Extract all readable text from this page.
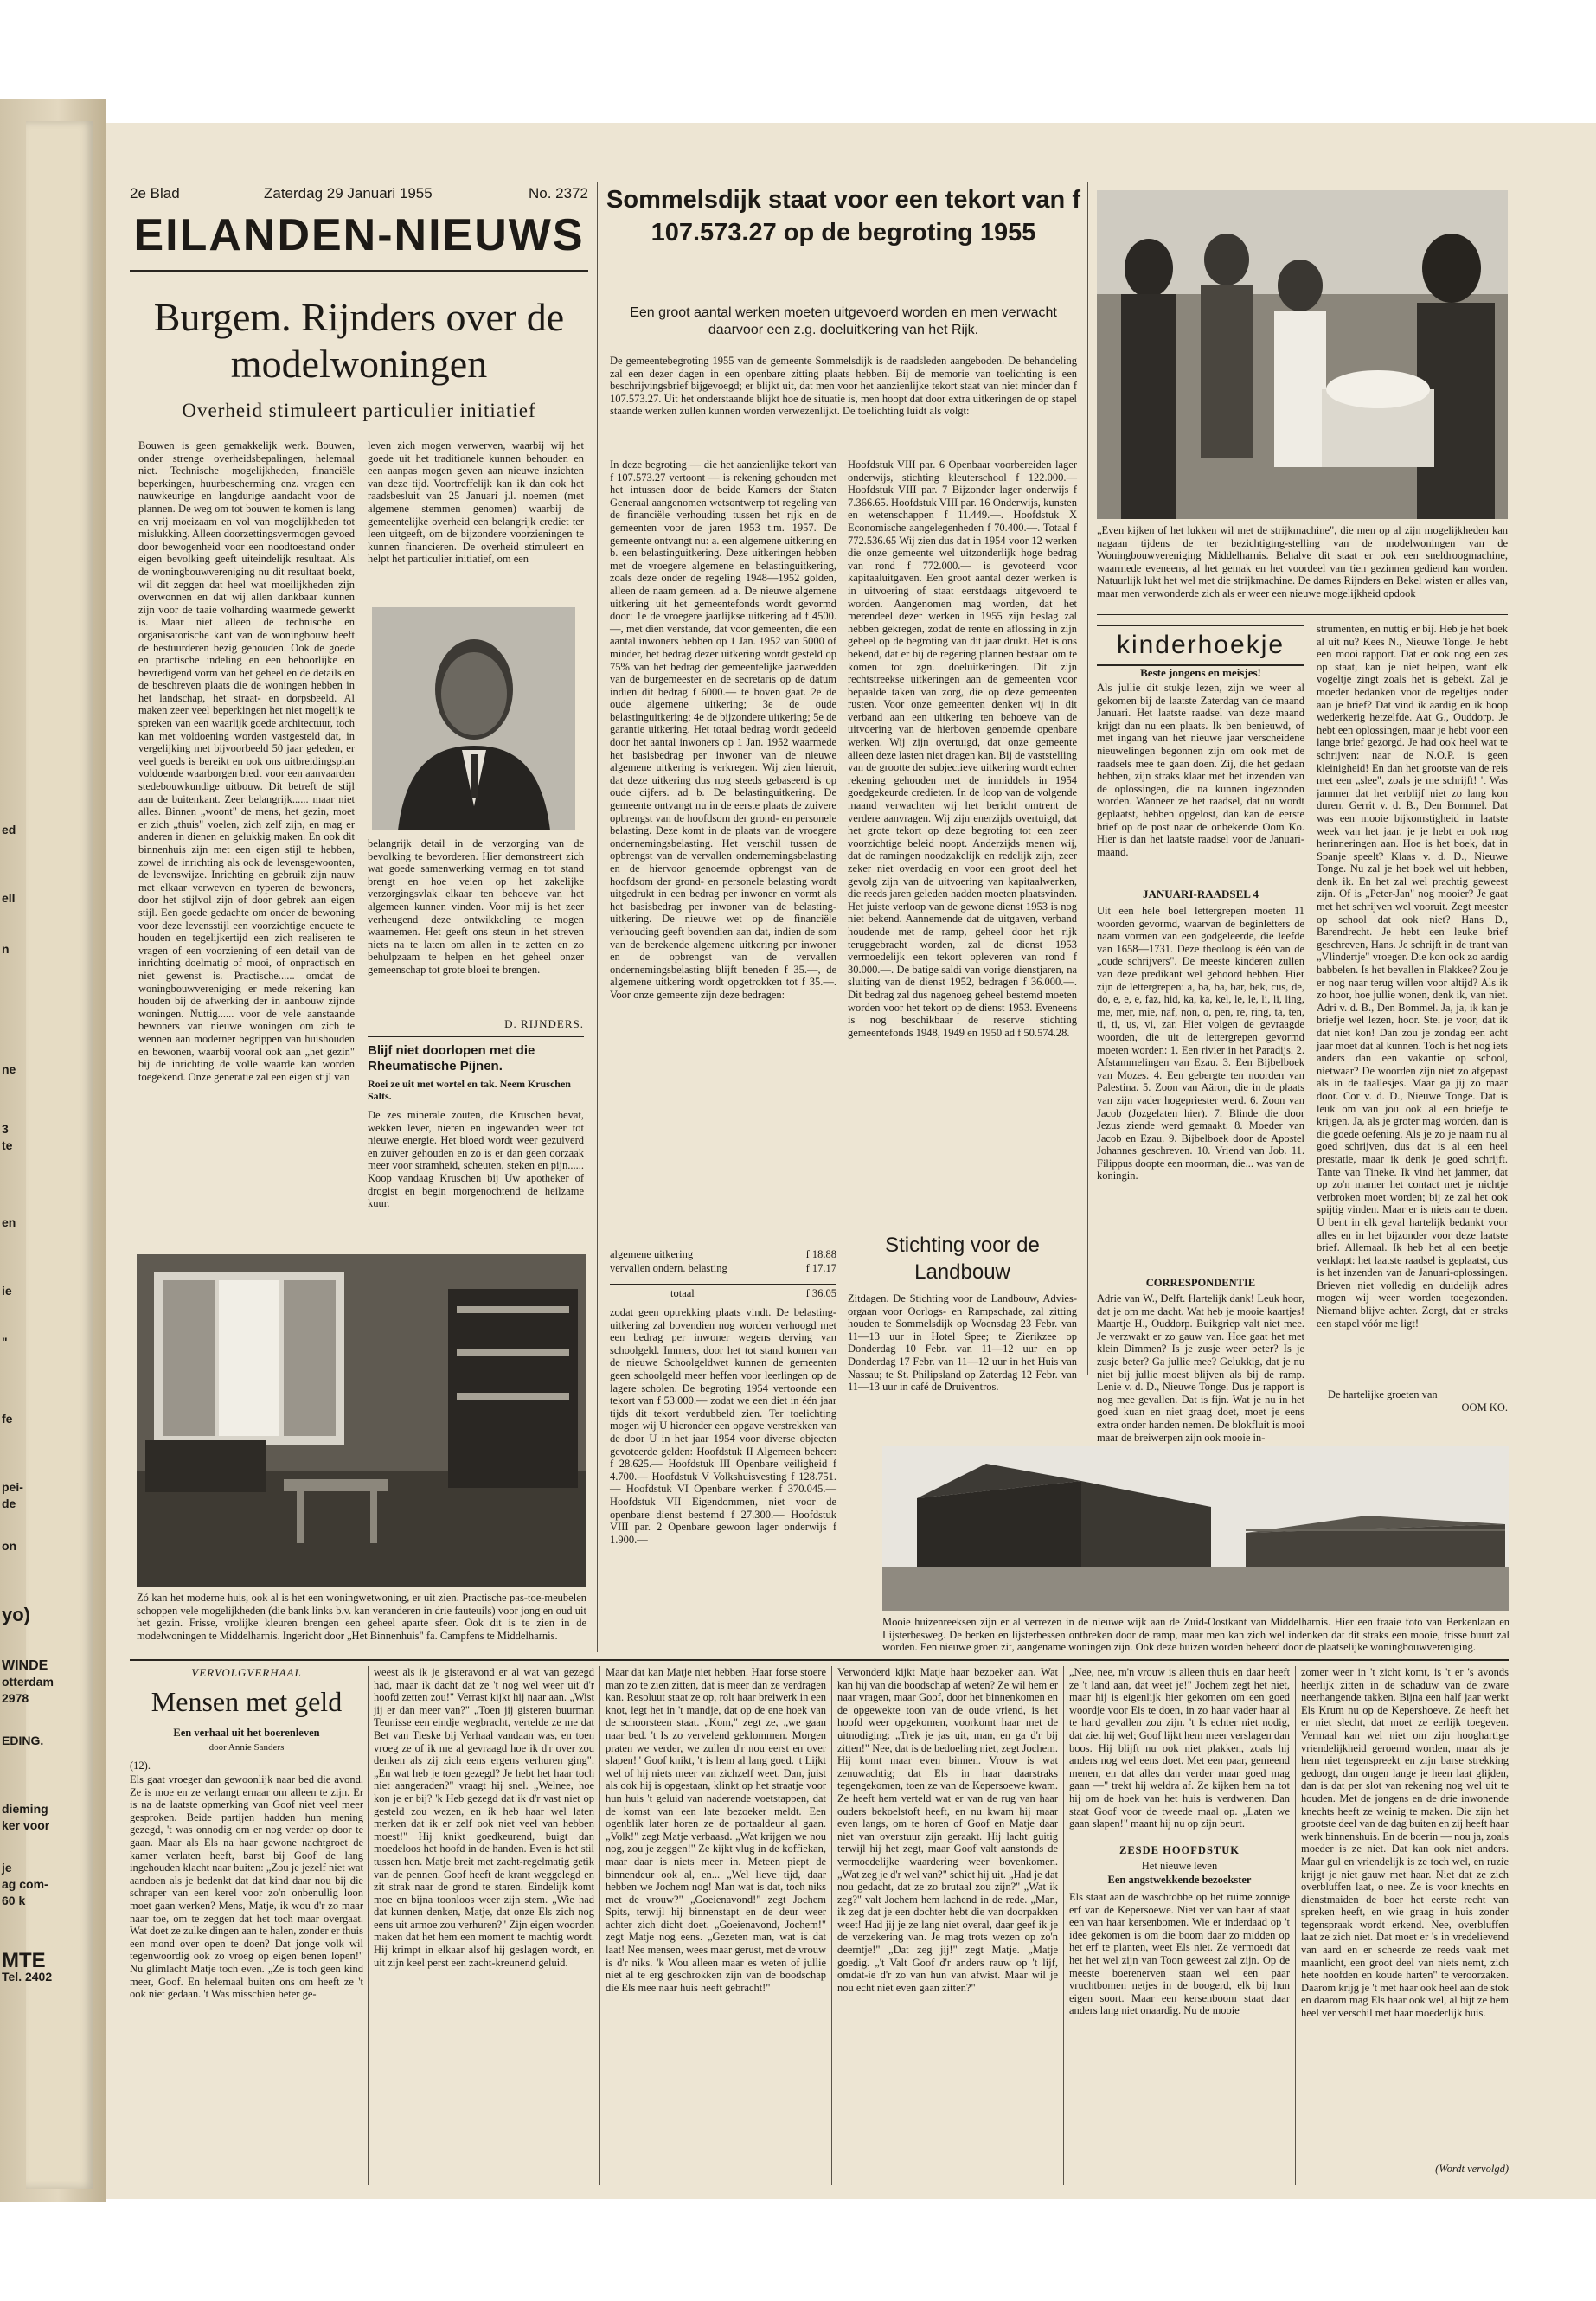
ed
ell
n
ne
3
te
en
ie
"
fe
pei-
de
on
yo)
WINDE
otterdam
2978
EDING.
dieming
ker voor
je
ag com-
60 k
MTE
Tel. 2402
2e Blad	Zaterdag 29 Januari 1955	No. 2372
EILANDEN-NIEUWS
Burgem. Rijnders over de modelwoningen
Overheid stimuleert particulier initiatief
Bouwen is geen gemakkelijk werk. Bouwen, onder strenge overheidsbepalingen, helemaal niet. Technische mogelijkheden, financiële beperkingen, huurbescherming enz. vragen een nauwkeurige en langdurige aandacht voor de plannen. De weg om tot bouwen te komen is lang en vrij moeizaam en vol van mogelijkheden tot mislukking. Alleen doorzettingsvermogen gevoed door bewogenheid voor een noodtoestand onder eigen bevolking geeft uiteindelijk resultaat. Als de woningbouwvereniging nu dit resultaat boekt, wil dit zeggen dat heel wat moeilijkheden zijn overwonnen en dat wij allen dankbaar kunnen zijn voor de taaie volharding waarmede gewerkt is. Maar niet alleen de technische en organisatorische kant van de woningbouw heeft de bestuurderen bezig gehouden. Ook de goede en practische indeling en een behoorlijke en bevredigend vorm van het geheel en de details en de beschreven plaats die de woningen hebben in het landschap, het straat- en dorpsbeeld. Al maken zeer veel beperkingen het niet mogelijk te spreken van een waarlijk goede architectuur, toch kan met voldoening worden vastgesteld dat, in vergelijking met bijvoorbeeld 50 jaar geleden, er veel goeds is bereikt en ook ons uitbreidingsplan voldoende waarborgen biedt voor een aanvaarden stedebouwkundige uitbouw. Dit betreft de stijl aan de buitenkant. Zeer belangrijk...... maar niet alles. Binnen „woont" de mens, het gezin, moet er zich „thuis" voelen, zich zelf zijn, en mag er anderen in dienen en gelukkig maken. En ook dit binnenhuis zijn met een eigen stijl te hebben, zowel de inrichting als ook de levensgewoonten, de levenswijze. Inrichting en gebruik zijn nauw met elkaar verweven en typeren de bewoners, door het stijlvol zijn of door gebrek aan eigen stijl. Een goede gedachte om onder de bewoning voor deze levensstijl een voorzichtige enquete te houden en tegelijkertijd een zich realiseren te vragen of een voorziening of een detail van de inrichting doelmatig of mooi, of onpractisch en niet gewenst is. Practische...... omdat de woningbouwvereniging er mede rekening kan houden bij de afwerking der in aanbouw zijnde woningen. Nuttig...... voor de vele aanstaande bewoners van nieuwe woningen om zich te wennen aan moderner begrippen van huishouden en bewonen, waarbij vooral ook aan „het gezin" bij de inrichting de volle waarde kan worden toegekend. Onze generatie zal een eigen stijl van
leven zich mogen verwerven, waarbij wij het goede uit het traditionele kunnen behouden en een aanpas mogen geven aan nieuwe inzichten van deze tijd. Voortreffelijk kan ik dan ook het raadsbesluit van 25 Januari j.l. noemen (met algemene stemmen genomen) waarbij de gemeentelijke overheid een belangrijk crediet ter leen uitgeeft, om de bijzondere voorzieningen te kunnen financieren. De overheid stimuleert en helpt het particulier initiatief, om een
belangrijk detail in de verzorging van de bevolking te bevorderen. Hier demonstreert zich wat goede samenwerking vermag en tot stand brengt en hoe veien op het zakelijke verzorgingsvlak elkaar ten behoeve van het algemeen kunnen vinden. Voor mij is het zeer verheugend deze ontwikkeling te mogen waarnemen. Het geeft ons steun in het streven niets na te laten om allen in te zetten en zo behulpzaam te helpen en het geheel onzer gemeenschap tot grote bloei te brengen.
D. RIJNDERS.
Blijf niet doorlopen met die Rheumatische Pijnen.
Roei ze uit met wortel en tak. Neem Kruschen Salts.
De zes minerale zouten, die Kruschen bevat, wekken lever, nieren en ingewanden weer tot nieuwe energie. Het bloed wordt weer gezuiverd en zuiver gehouden en zo is er dan geen oorzaak meer voor stramheid, scheuten, steken en pijn...... Koop vandaag Kruschen bij Uw apotheker of drogist en begin morgenochtend de heilzame kuur.
Zó kan het moderne huis, ook al is het een woningwetwoning, er uit zien. Practische pas-toe-meubelen schoppen vele mogelijkheden (die bank links b.v. kan veranderen in drie fauteuils) voor jong en oud uit het gezin. Frisse, vrolijke kleuren brengen een geheel aparte sfeer. Ook dit is te zien in de modelwoningen te Middelharnis. Ingericht door „Het Binnenhuis" fa. Campfens te Middelharnis.
Sommelsdijk staat voor een tekort van f 107.573.27 op de begroting 1955
Een groot aantal werken moeten uitgevoerd worden en men verwacht daarvoor een z.g. doeluitkering van het Rijk.
De gemeentebegroting 1955 van de gemeente Sommelsdijk is de raadsleden aangeboden. De behandeling zal een dezer dagen in een openbare zitting plaats hebben. Bij de memorie van toelichting is een beschrijvingsbrief bijgevoegd; er blijkt uit, dat men voor het aanzienlijke tekort staat van niet minder dan f 107.573.27. Uit het onderstaande blijkt hoe de situatie is, men hoopt dat door extra uitkeringen de op stapel staande werken zullen kunnen worden verwezenlijkt. De toelichting luidt als volgt:
In deze begroting — die het aanzienlijke tekort van f 107.573.27 vertoont — is rekening gehouden met het intussen door de beide Kamers der Staten Generaal aangenomen wetsontwerp tot regeling van de financiële verhouding tussen het rijk en de gemeenten voor de jaren 1953 t.m. 1957. De gemeente ontvangt nu: a. een algemene uitkering en b. een belastinguitkering. Deze uitkeringen hebben met de vroegere algemene en belastinguitkering, zoals deze onder de regeling 1948—1952 golden, alleen de naam gemeen. ad a. De nieuwe algemene uitkering uit het gemeentefonds wordt gevormd door: 1e de vroegere jaarlijkse uitkering ad f 4500.—, met dien verstande, dat voor gemeenten, die een aantal inwoners hebben op 1 Jan. 1952 van 5000 of minder, het bedrag dezer uitkering wordt gesteld op 75% van het bedrag der gemeentelijke jaarwedden van de burgemeester en de secretaris op de datum indien dit bedrag f 6000.— te boven gaat. 2e de oude algemene uitkering; 3e de oude belastinguitkering; 4e de bijzondere uitkering; 5e de garantie uitkering. Het totaal bedrag wordt gedeeld door het aantal inwoners op 1 Jan. 1952 waarmede het basisbedrag per inwoner van de nieuwe algemene uitkering is verkregen. Wij zien hieruit, dat deze uitkering dus nog steeds gebaseerd is op oude cijfers. ad b. De belastinguitkering. De gemeente ontvangt nu in de eerste plaats de zuivere opbrengst van de hoofdsom der grond- en personele belasting. Deze komt in de plaats van de vroegere ondernemingsbelasting. Het verschil tussen de opbrengst van de vervallen ondernemingsbelasting en de hiervoor genoemde opbrengst van de hoofdsom der grond- en personele belasting wordt uitgedrukt in een bedrag per inwoner en vormt als het basisbedrag per inwoner van de belasting-uitkering. De nieuwe wet op de financiële verhouding geeft bovendien aan dat, indien de som van de berekende algemene uitkering per inwoner en de opbrengst van de vervallen ondernemingsbelasting blijft beneden f 35.—, de algemene uitkering wordt opgetrokken tot f 35.—. Voor onze gemeente zijn deze bedragen:
algemene uitkering	f 18.88
vervallen ondern. belasting	f 17.17
totaal	f 36.05
zodat geen optrekking plaats vindt. De belasting-uitkering zal bovendien nog worden verhoogd met een bedrag per inwoner wegens derving van schoolgeld. Immers, door het tot stand komen van de nieuwe Schoolgeldwet kunnen de gemeenten geen schoolgeld meer heffen voor leerlingen op de lagere scholen. De begroting 1954 vertoonde een tekort van f 53.000.— zodat we een diet in één jaar tijds dit tekort verdubbeld zien. Ter toelichting mogen wij U hieronder een opgave verstrekken van de door U in het jaar 1954 voor diverse objecten gevoteerde gelden: Hoofdstuk II Algemeen beheer: f 28.625.— Hoofdstuk III Openbare veiligheid f 4.700.— Hoofdstuk V Volkshuisvesting f 128.751.— Hoofdstuk VI Openbare werken f 370.045.— Hoofdstuk VII Eigendommen, niet voor de openbare dienst bestemd f 27.300.— Hoofdstuk VIII par. 2 Openbare gewoon lager onderwijs f 1.900.—
Hoofdstuk VIII par. 6 Openbaar voorbereiden lager onderwijs, stichting kleuterschool f 122.000.— Hoofdstuk VIII par. 7 Bijzonder lager onderwijs f 7.366.65. Hoofdstuk VIII par. 16 Onderwijs, kunsten en wetenschappen f 11.449.—. Hoofdstuk X Economische aangelegenheden f 70.400.—. Totaal f 772.536.65 Wij zien dus dat in 1954 voor 12 werken die onze gemeente wel uitzonderlijk hoge bedrag van rond f 772.000.— is gevoteerd voor kapitaaluitgaven. Een groot aantal dezer werken is in uitvoering of staat eerstdaags uitgevoerd te worden. Aangenomen mag worden, dat het merendeel dezer werken in 1955 zijn beslag zal hebben gekregen, zodat de rente en aflossing in zijn geheel op de begroting van dit jaar drukt. Het is ons bekend, dat er bij de regering plannen bestaan om te komen tot zgn. doeluitkeringen. Dit zijn rechtstreekse uitkeringen aan de gemeenten voor bepaalde taken van zorg, die op deze gemeenten rusten. Voor onze gemeenten denken wij in dit verband aan een uitkering ten behoeve van de uitvoering van de hierboven genoemde openbare werken. Wij zijn overtuigd, dat onze gemeente alleen deze lasten niet dragen kan. Bij de vaststelling van de grootte der subjectieve uitkering wordt echter rekening gehouden met de inmiddels in 1954 goedgekeurde credieten. In de loop van de volgende maand verwachten wij het bericht omtrent de verdere aanvragen. Wij zijn enerzijds overtuigd, dat het grote tekort op deze begroting tot een zeer voorzichtige beleid noopt. Anderzijds menen wij, dat de ramingen noodzakelijk en redelijk zijn, zeer zeker niet overdadig en voor een groot deel het gevolg zijn van de uitvoering van kapitaalwerken, die reeds jaren geleden hadden moeten plaatsvinden. Het juiste verloop van de gewone dienst 1953 is nog niet bekend. Aannemende dat de uitgaven, verband houdende met de ramp, geheel door het rijk teruggebracht worden, zal de dienst 1953 vermoedelijk een tekort opleveren van rond f 30.000.—. De batige saldi van vorige dienstjaren, na sluiting van de dienst 1952, bedragen f 36.000.—. Dit bedrag zal dus nagenoeg geheel bestemd moeten worden voor het tekort op de dienst 1953. Eveneens is nog beschikbaar de reserve stichting gemeentefonds 1948, 1949 en 1950 ad f 50.574.28.
Stichting voor de Landbouw
Zitdagen. De Stichting voor de Landbouw, Advies-orgaan voor Oorlogs- en Rampschade, zal zitting houden te Sommelsdijk op Woensdag 23 Febr. van 11—13 uur in Hotel Spee; te Zierikzee op Donderdag 10 Febr. van 11—12 uur en op Donderdag 17 Febr. van 11—12 uur in het Huis van Nassau; te St. Philipsland op Zaterdag 12 Febr. van 11—13 uur in café de Druiventros.
„Even kijken of het lukken wil met de strijkmachine", die men op al zijn mogelijkheden kan nagaan tijdens de ter bezichtiging-stelling van de modelwoningen van de Woningbouwvereniging Middelharnis. Behalve dit staat er ook een sneldroogmachine, waarmede eveneens, al het gemak en het voordeel van tien gezinnen gediend kan worden. Natuurlijk lukt het wel met die strijkmachine. De dames Rijnders en Bekel wisten er alles van, maar men verwonderde zich als er weer een nieuwe mogelijkheid opdook
kinderhoekje
Beste jongens en meisjes!
Als jullie dit stukje lezen, zijn we weer al gekomen bij de laatste Zaterdag van de maand Januari. Het laatste raadsel van deze maand krijgt dan nu een plaats. Ik ben benieuwd, of met ingang van het nieuwe jaar verscheidene nieuwelingen begonnen zijn om ook met de raadsels mee te gaan doen. Zij, die het gedaan hebben, zijn straks klaar met het inzenden van de oplossingen, die na kunnen ingezonden worden. Wanneer ze het raadsel, dat nu wordt geplaatst, hebben opgelost, dan kan de eerste brief op de post naar de onbekende Oom Ko. Hier is dan het laatste raadsel voor de Januari-maand.
JANUARI-RAADSEL 4
Uit een hele boel lettergrepen moeten 11 woorden gevormd, waarvan de beginletters de naam vormen van een godgeleerde, die leefde van 1658—1731. Deze theoloog is één van de „oude schrijvers". De meeste kinderen zullen van deze predikant wel gehoord hebben. Hier zijn de lettergrepen: a, ba, ba, bar, bek, cus, de, do, e, e, e, faz, hid, ka, ka, kel, le, le, li, li, ling, me, mer, mie, naf, non, o, pen, re, ring, ta, ten, ti, ti, us, vi, zar. Hier volgen de gevraagde woorden, die uit de lettergrepen gevormd moeten worden: 1. Een rivier in het Paradijs. 2. Afstammelingen van Ezau. 3. Een Bijbelboek van Mozes. 4. Een gebergte ten noorden van Palestina. 5. Zoon van Aäron, die in de plaats van zijn vader hogepriester werd. 6. Zoon van Jacob (Jozgelaten hier). 7. Blinde die door Jezus ziende werd gemaakt. 8. Moeder van Jacob en Ezau. 9. Bijbelboek door de Apostel Johannes geschreven. 10. Vriend van Job. 11. Filippus doopte een moorman, die... was van de koningin.
CORRESPONDENTIE
Adrie van W., Delft. Hartelijk dank! Leuk hoor, dat je om me dacht. Wat heb je mooie kaartjes! Maartje H., Ouddorp. Buikgriep valt niet mee. Je verzwakt er zo gauw van. Hoe gaat het met klein Dimmen? Is je zusje weer beter? Is je zusje beter? Ga jullie mee? Gelukkig, dat je nu niet bij jullie moest blijven als bij de ramp. Lenie v. d. D., Nieuwe Tonge. Dus je rapport is nog mee gevallen. Dat is fijn. Wat je nu in het goed kuan en niet graag doet, moet je eens extra onder handen nemen. De blokfluit is mooi maar de breiwerpen zijn ook mooie in-
strumenten, en nuttig er bij. Heb je het boek al uit nu? Kees N., Nieuwe Tonge. Je hebt een mooi rapport. Dat er ook nog een zes op staat, kan je niet helpen, want elk vogeltje zingt zoals het is gebekt. Zal je moeder bedanken voor de regeltjes onder aan je brief? Dat vind ik aardig en ik hoop wederkerig hetzelfde. Aat G., Ouddorp. Je hebt een oplossingen, maar je hebt voor een lange brief gezorgd. Je had ook heel wat te schrijven: naar de N.O.P. is geen kleinigheid! En dan het grootste van de reis met een „slee", zoals je me schrijft! 't Was jammer dat het verblijf niet zo lang kon duren. Gerrit v. d. B., Den Bommel. Dat was een mooie bijkomstigheid in laatste week van het jaar, je je hebt er ook nog herinneringen aan. Hoe is het boek, dat in Spanje speelt? Klaas v. d. D., Nieuwe Tonge. Nu zal je het boek wel uit hebben, denk ik. En het zal wel prachtig geweest zijn. Of is „Peter-Jan" nog mooier? Je gaat met het schrijven wel vooruit. Zegt meester op school dat ook niet? Hans D., Barendrecht. Je hebt een leuke brief geschreven, Hans. Je schrijft in de trant van „Vlindertje" vroeger. Die kon ook zo aardig babbelen. Is het bevallen in Flakkee? Zou je er nog naar terug willen voor altijd? Als ik zo hoor, hoe jullie wonen, denk ik, van niet. Adri v. d. B., Den Bommel. Ja, ja, ik kan je briefje wel lezen, hoor. Stel je voor, dat ik dat niet kon! Dan zou je zondag een acht jaar moet dat al kunnen. Toch is het nog iets anders dan een vakantie op school, nietwaar? De woorden zijn niet zo afgepast als in de taallesjes. Maar ga jij zo maar door. Cor v. d. D., Nieuwe Tonge. Dat is leuk om van jou ook al een briefje te krijgen. Ja, als je groter mag worden, dan is die goede oefening. Als je zo je naam nu al goed schrijven, dus dat is al een heel prestatie, maar ik denk je goed schrijft. Tante van Tineke. Ik vind het jammer, dat op zo'n manier het contact met je nichtje verbroken moet worden; bij ze zal het ook spijtig vinden. Maar er is niets aan te doen. U bent in elk geval hartelijk bedankt voor alles en in het bijzonder voor deze laatste brief. Allemaal. Ik heb het al een beetje verklapt: het laatste raadsel is geplaatst, dus is het inzenden van de Januari-oplossingen. Brieven niet volledig en duidelijk adres mogen wij weer worden toegezonden. Niemand blijve achter. Zorgt, dat er straks een stapel vóór me ligt!
De hartelijke groeten van
OOM KO.
Mooie huizenreeksen zijn er al verrezen in de nieuwe wijk aan de Zuid-Oostkant van Middelharnis. Hier een fraaie foto van Berkenlaan en Lijsterbesweg. De berken en lijsterbessen ontbreken door de ramp, maar men kan zich wel indenken dat dit straks een mooie, frisse buurt zal worden. Een nieuwe groen zit, aangename woningen zijn. Ook deze huizen worden beheerd door de plaatselijke woningbouwvereniging.
VERVOLGVERHAAL
Mensen met geld
Een verhaal uit het boerenleven
door Annie Sanders
(12).
Els gaat vroeger dan gewoonlijk naar bed die avond. Ze is moe en ze verlangt ernaar om alleen te zijn. Er is na de laatste opmerking van Goof niet veel meer gesproken. Beide partijen hadden hun mening gezegd, 't was onnodig om er nog verder op door te gaan. Maar als Els na haar gewone nachtgroet de kamer verlaten heeft, barst bij Goof de lang ingehouden klacht naar buiten: „Zou je jezelf niet wat aandoen als je bedenkt dat dat kind daar nou bij die schraper van een kerel voor zo'n onbenullig loon moet gaan werken? Mens, Matje, ik wou d'r zo maar naar toe, om te zeggen dat het toch maar overgaat. Wat doet ze zulke dingen aan te halen, zonder er thuis een mond over open te doen? Dat jonge volk wil tegenwoordig ook zo vroeg op eigen benen lopen!" Nu glimlacht Matje toch even. „Ze is toch geen kind meer, Goof. En helemaal buiten ons om heeft ze 't ook niet gedaan. 't Was misschien beter ge-
weest als ik je gisteravond er al wat van gezegd had, maar ik dacht dat ze 't nog wel weer uit d'r hoofd zetten zou!" Verrast kijkt hij naar aan. „Wist jij er dan meer van?" „Toen jij gisteren buurman Teunisse een eindje wegbracht, vertelde ze me dat Bet van Tieske bij Verhaal vandaan was, en toen vroeg ze of ik me al gevraagd hoe ik d'r over zou denken als zij zich eens ergens verhuren ging". „En wat heb je toen gezegd? Je hebt het haar toch niet aangeraden?" vraagt hij snel. „Welnee, hoe kon je er bij? 'k Heb gezegd dat ik d'r vast niet op gesteld zou wezen, en ik heb haar wel laten merken dat ik er zelf ook niet veel van hebben moest!" Hij knikt goedkeurend, buigt dan moedeloos het hoofd in de handen. Even is het stil tussen hen. Matje breit met zacht-regelmatig getik van de pennen. Goof heeft de krant weggelegd en zit strak naar de grond te staren. Eindelijk komt moe en bijna toonloos weer zijn stem. „Wie had dat kunnen denken, Matje, dat onze Els zich nog eens uit armoe zou verhuren?" Zijn eigen woorden maken dat het hem een moment te machtig wordt. Hij krimpt in elkaar alsof hij geslagen wordt, en uit zijn keel perst een zacht-kreunend geluid.
Maar dat kan Matje niet hebben. Haar forse stoere man zo te zien zitten, dat is meer dan ze verdragen kan. Resoluut staat ze op, rolt haar breiwerk in een knot, legt het in 't mandje, dat op de ene hoek van de schoorsteen staat. „Kom," zegt ze, „we gaan naar bed. 't Is zo vervelend geklommen. Morgen praten we verder, we zullen d'r nou eerst en over slapen!" Goof knikt, 't is hem al lang goed. 't Lijkt wel of hij niets meer van zichzelf weet. Dan, juist als ook hij is opgestaan, klinkt op het straatje voor hun huis 't geluid van naderende voetstappen, dat de komst van een late bezoeker meldt. Een ogenblik later horen ze de portaaldeur al gaan. „Volk!" zegt Matje verbaasd. „Wat krijgen we nou nog, zou je zeggen!" Ze kijkt vlug in de koffiekan, maar daar is niets meer in. Meteen piept de binnendeur ook al, en... „Wel lieve tijd, daar hebben we Jochem nog! Man wat is dat, toch niks met de vrouw?" „Goeienavond!" zegt Jochem Spits, terwijl hij binnenstapt en de deur weer achter zich dicht doet. „Goeienavond, Jochem!" zegt Matje nog eens. „Gezeten man, wat is dat laat! Nee mensen, wees maar gerust, met de vrouw is d'r niks. 'k Wou alleen maar es weten of jullie niet al te erg geschrokken zijn van de boodschap die Els mee naar huis heeft gebracht!"
Verwonderd kijkt Matje haar bezoeker aan. Wat kan hij van die boodschap af weten? Ze wil hem er naar vragen, maar Goof, door het binnenkomen en de opgewekte toon van de oude vriend, is het hoofd weer opgekomen, voorkomt haar met de uitnodiging: „Trek je jas uit, man, en ga d'r bij zitten!" Nee, dat is de bedoeling niet, zegt Jochem. Hij komt maar even binnen. Vrouw is wat zenuwachtig; dat Els in haar daarstraks tegengekomen, toen ze van de Kepersoewe kwam. Ze heeft hem verteld wat er van de rug van haar ouders bekoelstoft heeft, en nu kwam hij maar even langs, om te horen of Goof en Matje daar niet van overstuur zijn geraakt. Hij lacht guitig terwijl hij het zegt, maar Goof valt aanstonds de vermoedelijke waardering weer bovenkomen. „Wat zeg je d'r wel van?" schiet hij uit. „Had je dat nou gedacht, dat ze zo brutaal zou zijn?" „Wat ik zeg?" valt Jochem hem lachend in de rede. „Man, ik zeg dat je een dochter hebt die van doorpakken weet! Had jij je ze lang niet overal, daar geef ik je de verzekering van. Je mag trots wezen op zo'n deerntje!" „Dat zeg jij!" zegt Matje. „Matje goedig. „'t Valt Goof d'r anders rauw op 't lijf, omdat-ie d'r zo van hun van afwist. Maar wil je nou echt niet even gaan zitten?"
„Nee, nee, m'n vrouw is alleen thuis en daar heeft ze 't land aan, dat weet je!" Jochem zegt het niet, maar hij is eigenlijk hier gekomen om een goed woordje voor Els te doen, in zo haar vader haar al te hard gevallen zou zijn. 't Is echter niet nodig, dat ziet hij wel; Goof lijkt hem meer verslagen dan boos. Hij blijft nu ook niet plakken, zoals hij anders nog wel eens doet. Met een paar, gemeend menen, en dat alles dan verder maar goed mag gaan —" trekt hij weldra af. Ze kijken hem na tot hij om de hoek van het huis is verdwenen. Dan staat Goof voor de tweede maal op. „Laten we gaan slapen!" maant hij nu op zijn beurt.
ZESDE HOOFDSTUK
Het nieuwe leven
Een angstwekkende bezoekster
Els staat aan de waschtobbe op het ruime zonnige erf van de Kepersoewe. Niet ver van haar af staat een van haar kersenbomen. Wie er inderdaad op 't idee gekomen is om die boom daar zo midden op het erf te planten, weet Els niet. Ze vermoedt dat het het wel zijn van Toon geweest zal zijn. Op de meeste boerenerven staan wel een paar vruchtbomen netjes in de boogerd, elk bij hun eigen soort. Maar een kersenboom staat daar anders lang niet onaardig. Nu de mooie
zomer weer in 't zicht komt, is 't er 's avonds heerlijk zitten in de schaduw van de zware neerhangende takken. Bijna een half jaar werkt Els Krum nu op de Kepershoeve. Ze heeft het er niet slecht, dat moet ze eerlijk toegeven. Vermaal kan wel niet om zijn hooghartige vriendelijkheid geroemd worden, maar als je hem niet tegenspreekt en zijn barse strekking gedoogt, dan ongen lange je heen laat glijden, dan is dat per slot van rekening nog wel uit te houden. Met de jongens en de drie inwonende knechts heeft ze weinig te maken. Die zijn het grootste deel van de dag buiten en zij heeft haar werk binnenshuis. En de boerin — nou ja, zoals moeder is ze niet. Dat kan ook niet anders. Maar gul en vriendelijk is ze toch wel, en ruzie krijgt je niet gauw met haar. Niet dat ze zich overbluffen laat, o nee. Ze is voor knechts en dienstmaiden de boer het eerste recht van spreken heeft, en wie graag in huis zonder tegenspraak wordt erkend. Nee, overbluffen laat ze zich niet. Dat moet er 's in vredelievend van aard en er scheerde ze reeds vaak met maanlicht, een groot deel van niets nemt, zich hete hoofden en koude harten" te veroorzaken. Daarom krijg je 't met haar ook heel aan de stok en daarom mag Els haar ook wel, al bijt ze hem heel ver verschil met haar moederlijk huis.
(Wordt vervolgd)
